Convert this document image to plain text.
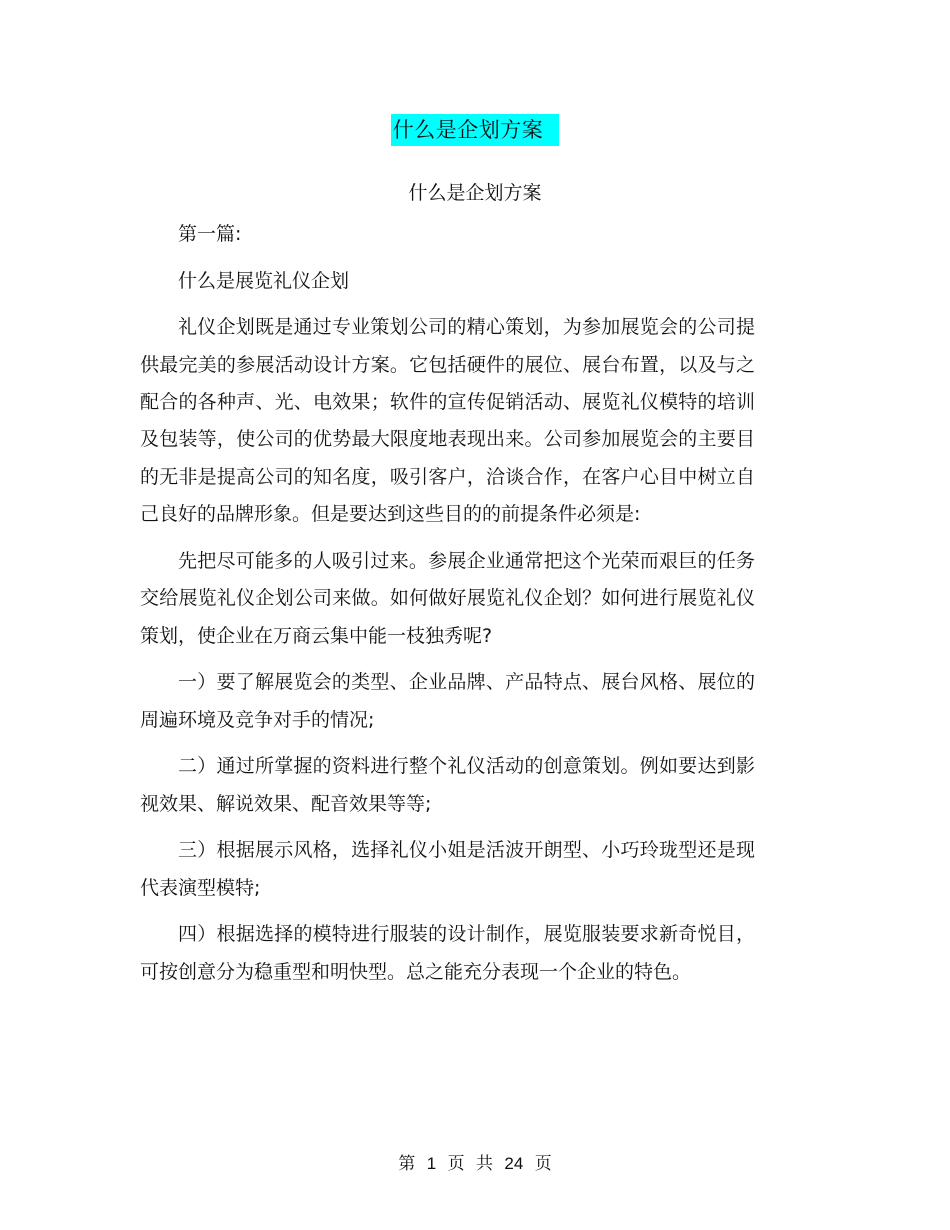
什么是企划方案
什么是企划方案

第一篇:

什么是展览礼仪企划

礼仪企划既是通过专业策划公司的精心策划，为参加展览会的公司提供最完美的参展活动设计方案。它包括硬件的展位、展台布置，以及与之配合的各种声、光、电效果；软件的宣传促销活动、展览礼仪模特的培训及包装等，使公司的优势最大限度地表现出来。公司参加展览会的主要目的无非是提高公司的知名度，吸引客户，洽谈合作，在客户心目中树立自己良好的品牌形象。但是要达到这些目的的前提条件必须是:

先把尽可能多的人吸引过来。参展企业通常把这个光荣而艰巨的任务交给展览礼仪企划公司来做。如何做好展览礼仪企划？如何进行展览礼仪策划，使企业在万商云集中能一枝独秀呢?

一）要了解展览会的类型、企业品牌、产品特点、展台风格、展位的周遍环境及竞争对手的情况;

二）通过所掌握的资料进行整个礼仪活动的创意策划。例如要达到影视效果、解说效果、配音效果等等;

三）根据展示风格，选择礼仪小姐是活波开朗型、小巧玲珑型还是现代表演型模特;

四）根据选择的模特进行服装的设计制作，展览服装要求新奇悦目，可按创意分为稳重型和明快型。总之能充分表现一个企业的特色。

第 1 页 共 24 页
